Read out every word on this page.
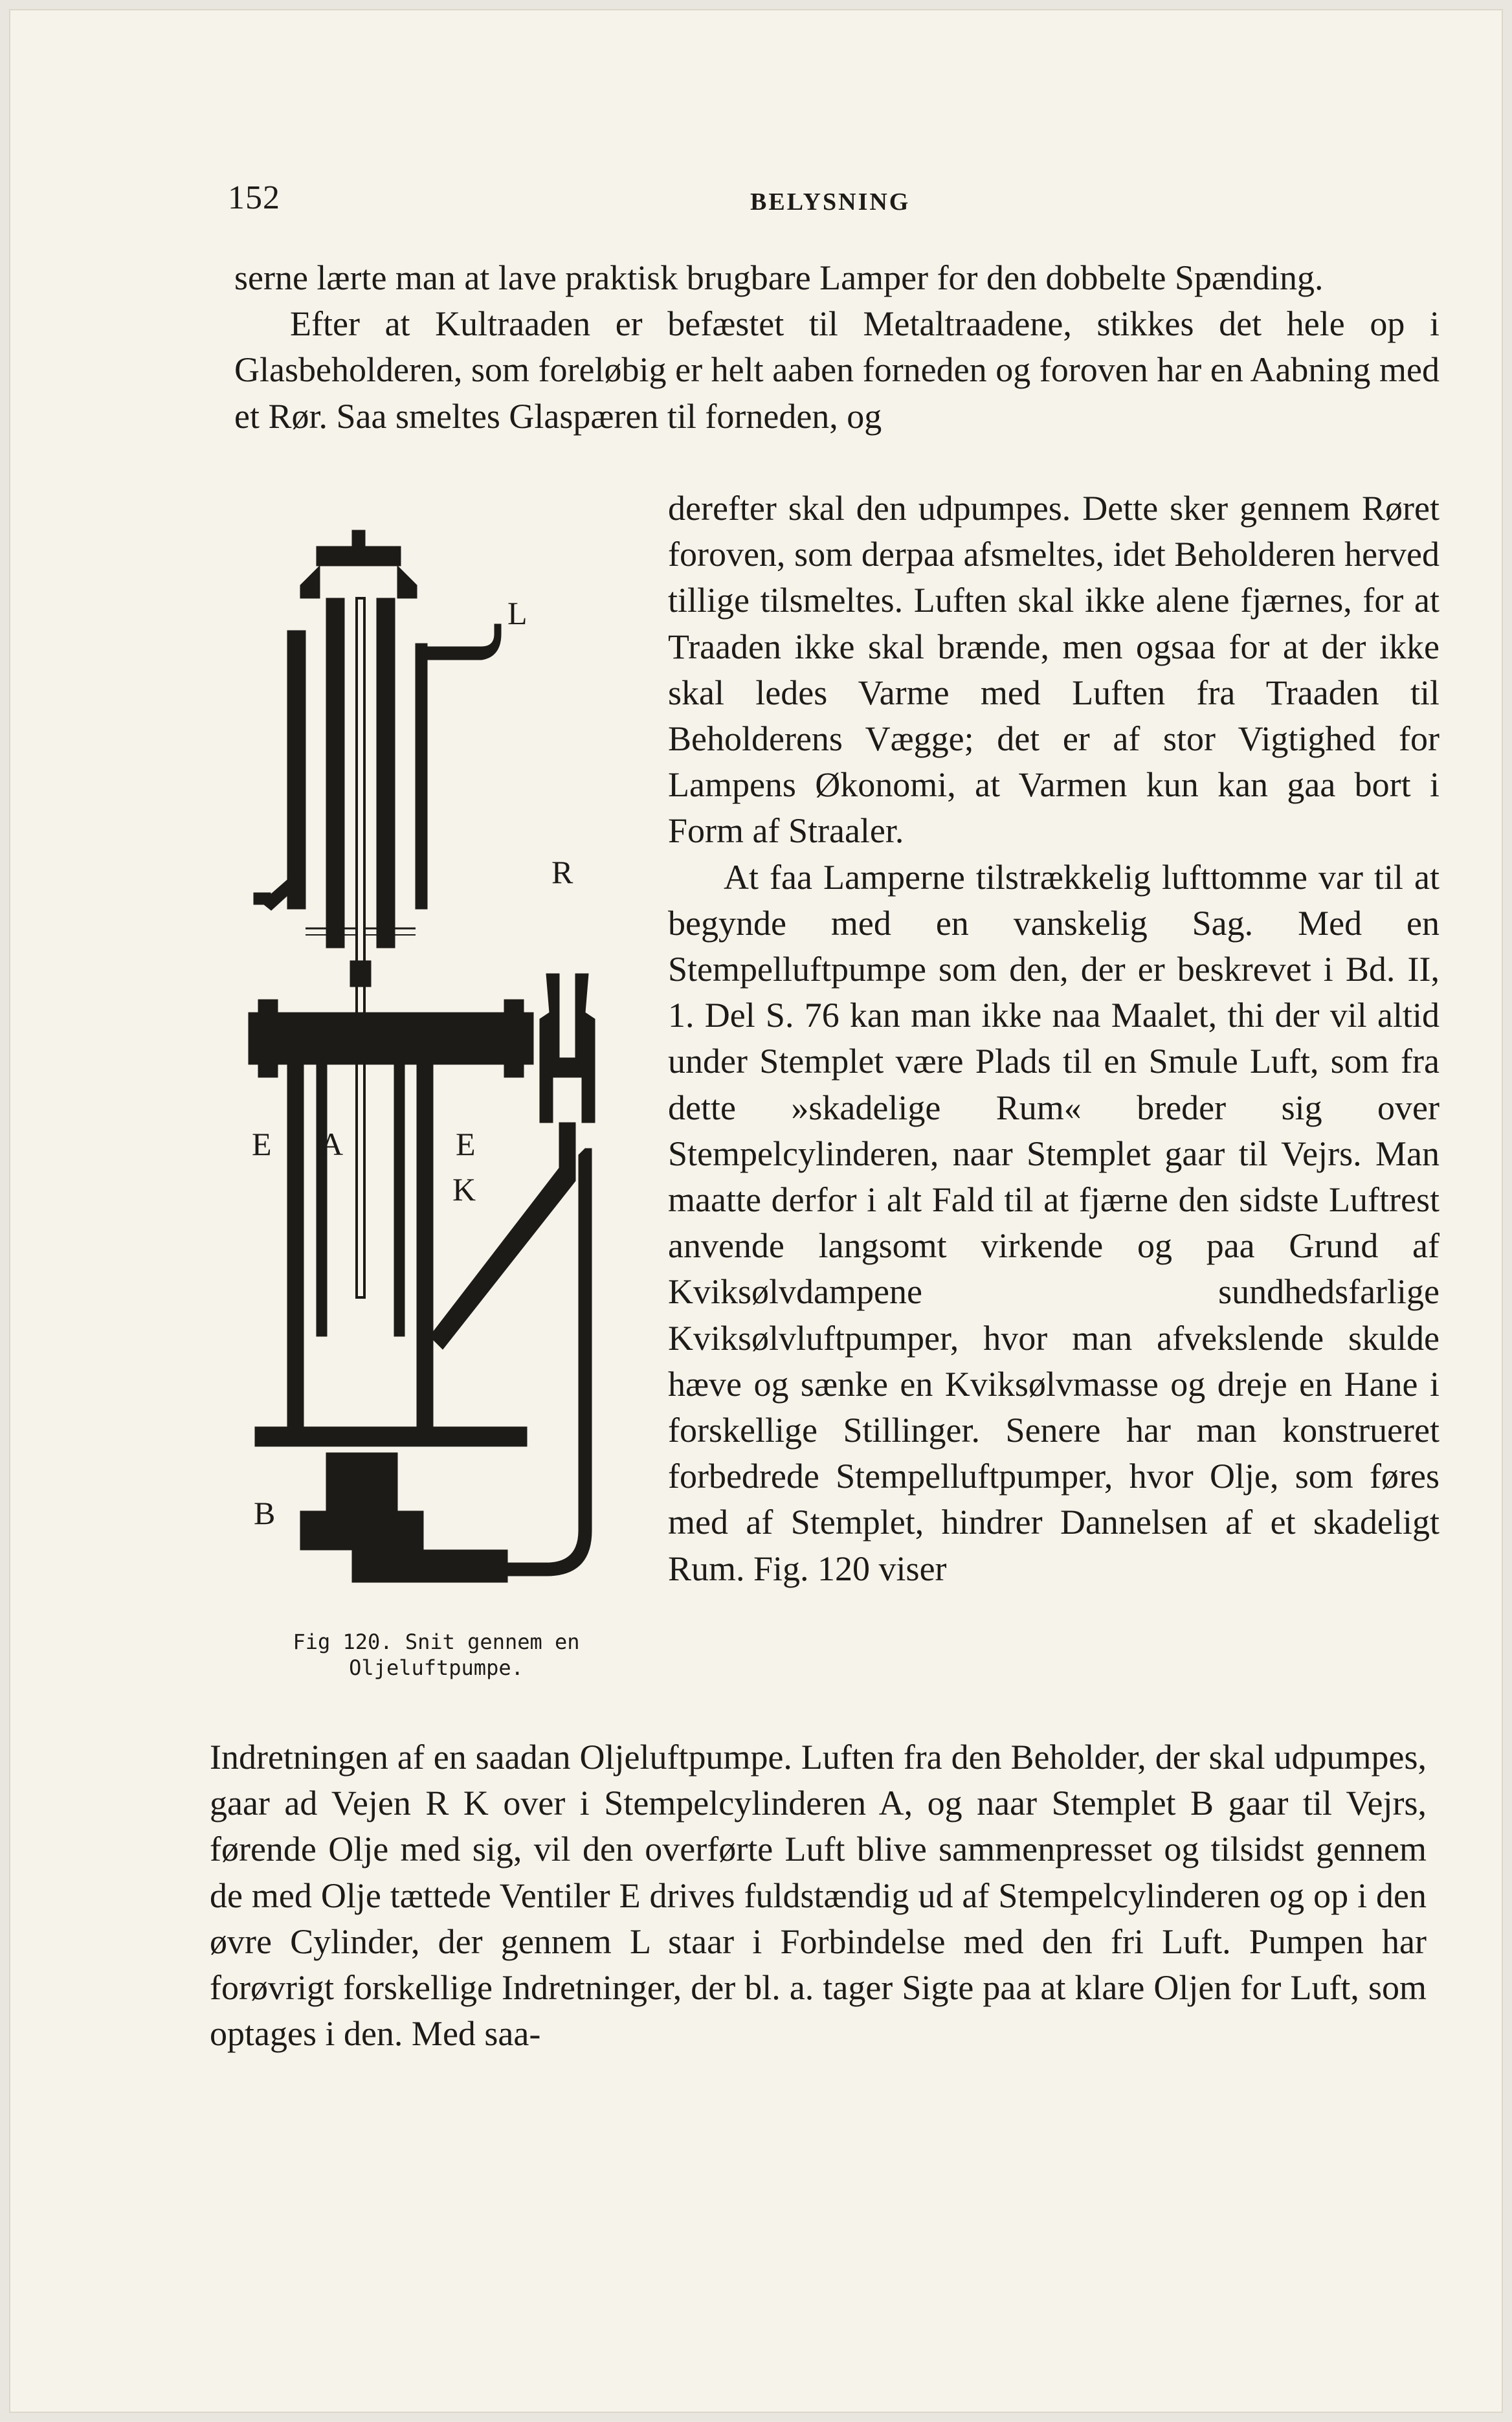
152	BELYSNING

serne lærte man at lave praktisk brugbare Lamper for den dobbelte Spænding.

Efter at Kultraaden er befæstet til Metaltraadene, stikkes det hele op i Glasbeholderen, som foreløbig er helt aaben forneden og foroven har en Aabning med et Rør. Saa smeltes Glaspæren til forneden, og

L
R
E A	E
K
B
Fig 120. Snit gennem en
Oljeluftpumpe.

derefter skal den udpumpes. Dette sker gennem Røret foroven, som derpaa afsmeltes, idet Beholderen herved tillige tilsmeltes. Luften skal ikke alene fjærnes, for at Traaden ikke skal brænde, men ogsaa for at der ikke skal ledes Varme med Luften fra Traaden til Beholderens Vægge; det er af stor Vigtighed for Lampens Økonomi, at Varmen kun kan gaa bort i Form af Straaler.

At faa Lamperne tilstrækkelig lufttomme var til at begynde med en vanskelig Sag. Med en Stempelluftpumpe som den, der er beskrevet i Bd. II, 1. Del S. 76 kan man ikke naa Maalet, thi der vil altid under Stemplet være Plads til en Smule Luft, som fra dette »skadelige Rum« breder sig over Stempelcylinderen, naar Stemplet gaar til Vejrs. Man maatte derfor i alt Fald til at fjærne den sidste Luftrest anvende langsomt virkende og paa Grund af Kviksølvdampene sundhedsfarlige Kviksølvluftpumper, hvor man afvekslende skulde hæve og sænke en Kviksølvmasse og dreje en Hane i forskellige Stillinger. Senere har man konstrueret forbedrede Stempelluftpumper, hvor Olje, som føres med af Stemplet, hindrer Dannelsen af et skadeligt Rum. Fig. 120 viser

Indretningen af en saadan Oljeluftpumpe. Luften fra den Beholder, der skal udpumpes, gaar ad Vejen R K over i Stempelcylinderen A, og naar Stemplet B gaar til Vejrs, førende Olje med sig, vil den overførte Luft blive sammenpresset og tilsidst gennem de med Olje tættede Ventiler E drives fuldstændig ud af Stempelcylinderen og op i den øvre Cylinder, der gennem L staar i Forbindelse med den fri Luft. Pumpen har forøvrigt forskellige Indretninger, der bl. a. tager Sigte paa at klare Oljen for Luft, som optages i den. Med saa-
